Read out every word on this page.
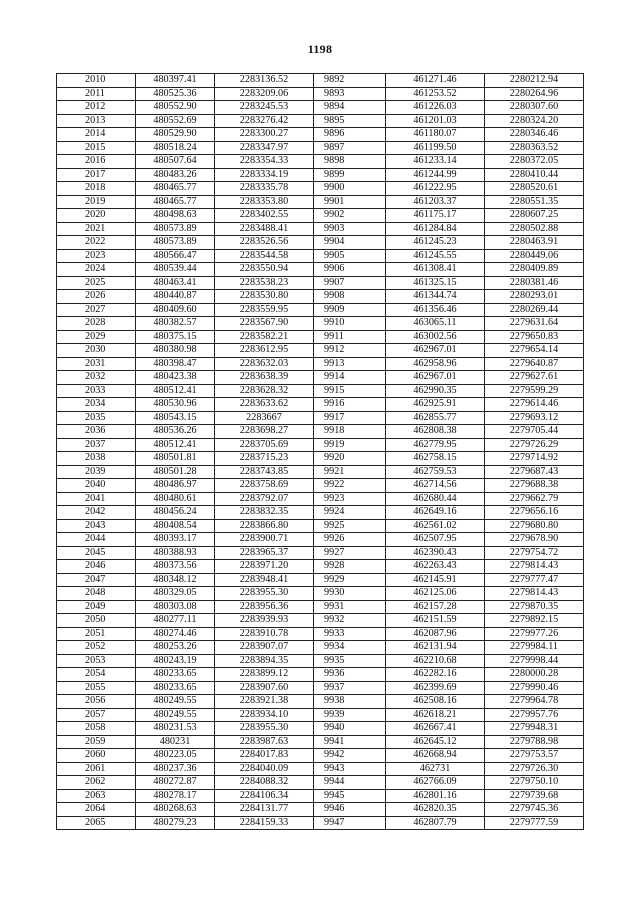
1198
2010	480397.41	2283136.52	9892	461271.46	2280212.94
2011	480525.36	2283209.06	9893	461253.52	2280264.96
2012	480552.90	2283245.53	9894	461226.03	2280307.60
2013	480552.69	2283276.42	9895	461201.03	2280324.20
2014	480529.90	2283300.27	9896	461180.07	2280346.46
2015	480518.24	2283347.97	9897	461199.50	2280363.52
2016	480507.64	2283354.33	9898	461233.14	2280372.05
2017	480483.26	2283334.19	9899	461244.99	2280410.44
2018	480465.77	2283335.78	9900	461222.95	2280520.61
2019	480465.77	2283353.80	9901	461203.37	2280551.35
2020	480498.63	2283402.55	9902	461175.17	2280607.25
2021	480573.89	2283488.41	9903	461284.84	2280502.88
2022	480573.89	2283526.56	9904	461245.23	2280463.91
2023	480566.47	2283544.58	9905	461245.55	2280449.06
2024	480539.44	2283550.94	9906	461308.41	2280409.89
2025	480463.41	2283538.23	9907	461325.15	2280381.46
2026	480440.87	2283530.80	9908	461344.74	2280293.01
2027	480409.60	2283559.95	9909	461356.46	2280269.44
2028	480382.57	2283567.90	9910	463065.11	2279631.64
2029	480375.15	2283582.21	9911	463002.56	2279650.83
2030	480380.98	2283612.95	9912	462967.01	2279654.14
2031	480398.47	2283632.03	9913	462958.96	2279640.87
2032	480423.38	2283638.39	9914	462967.01	2279627.61
2033	480512.41	2283628.32	9915	462990.35	2279599.29
2034	480530.96	2283633.62	9916	462925.91	2279614.46
2035	480543.15	2283667	9917	462855.77	2279693.12
2036	480536.26	2283698.27	9918	462808.38	2279705.44
2037	480512.41	2283705.69	9919	462779.95	2279726.29
2038	480501.81	2283715.23	9920	462758.15	2279714.92
2039	480501.28	2283743.85	9921	462759.53	2279687.43
2040	480486.97	2283758.69	9922	462714.56	2279688.38
2041	480480.61	2283792.07	9923	462680.44	2279662.79
2042	480456.24	2283832.35	9924	462649.16	2279656.16
2043	480408.54	2283866.80	9925	462561.02	2279680.80
2044	480393.17	2283900.71	9926	462507.95	2279678.90
2045	480388.93	2283965.37	9927	462390.43	2279754.72
2046	480373.56	2283971.20	9928	462263.43	2279814.43
2047	480348.12	2283948.41	9929	462145.91	2279777.47
2048	480329.05	2283955.30	9930	462125.06	2279814.43
2049	480303.08	2283956.36	9931	462157.28	2279870.35
2050	480277.11	2283939.93	9932	462151.59	2279892.15
2051	480274.46	2283910.78	9933	462087.96	2279977.26
2052	480253.26	2283907.07	9934	462131.94	2279984.11
2053	480243.19	2283894.35	9935	462210.68	2279998.44
2054	480233.65	2283899.12	9936	462282.16	2280000.28
2055	480233.65	2283907.60	9937	462399.69	2279990.46
2056	480249.55	2283921.38	9938	462508.16	2279964.78
2057	480249.55	2283934.10	9939	462618.21	2279957.76
2058	480231.53	2283955.30	9940	462667.41	2279948.31
2059	480231	2283987.63	9941	462645.12	2279788.98
2060	480223.05	2284017.83	9942	462668.94	2279753.57
2061	480237.36	2284040.09	9943	462731	2279726.30
2062	480272.87	2284088.32	9944	462766.09	2279750.10
2063	480278.17	2284106.34	9945	462801.16	2279739.68
2064	480268.63	2284131.77	9946	462820.35	2279745.36
2065	480279.23	2284159.33	9947	462807.79	2279777.59
